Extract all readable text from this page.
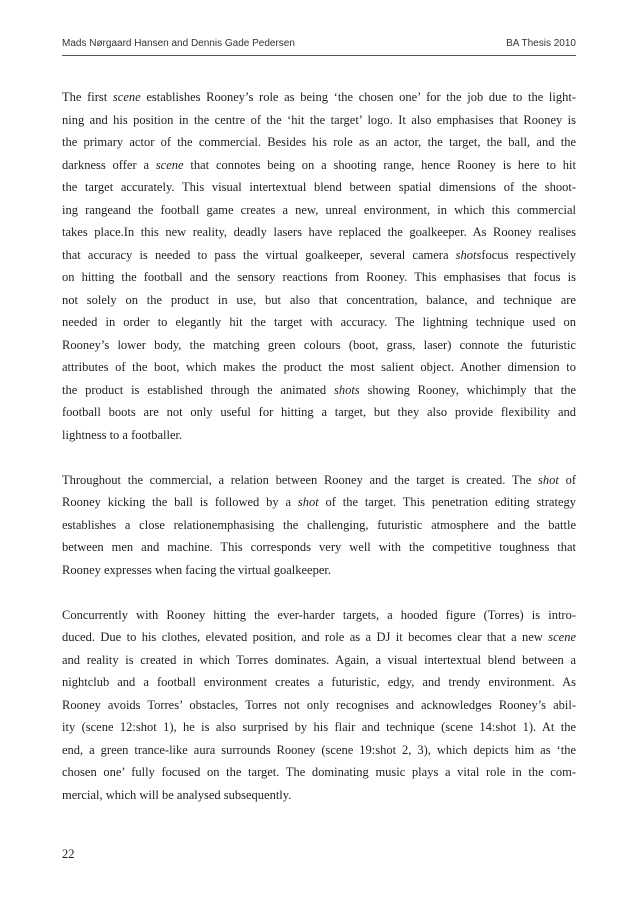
Mads Nørgaard Hansen and Dennis Gade Pedersen	BA Thesis 2010

The first scene establishes Rooney’s role as being ‘the chosen one’ for the job due to the light-
ning and his position in the centre of the ‘hit the target’ logo. It also emphasises that Rooney is
the primary actor of the commercial. Besides his role as an actor, the target, the ball, and the
darkness offer a scene that connotes being on a shooting range, hence Rooney is here to hit
the target accurately. This visual intertextual blend between spatial dimensions of the shoot-
ing rangeand the football game creates a new, unreal environment, in which this commercial
takes place.In this new reality, deadly lasers have replaced the goalkeeper. As Rooney realises
that accuracy is needed to pass the virtual goalkeeper, several camera shotsfocus respectively
on hitting the football and the sensory reactions from Rooney. This emphasises that focus is
not solely on the product in use, but also that concentration, balance, and technique are
needed in order to elegantly hit the target with accuracy. The lightning technique used on
Rooney’s lower body, the matching green colours (boot, grass, laser) connote the futuristic
attributes of the boot, which makes the product the most salient object. Another dimension to
the product is established through the animated shots showing Rooney, whichimply that the
football boots are not only useful for hitting a target, but they also provide flexibility and
lightness to a footballer.

Throughout the commercial, a relation between Rooney and the target is created. The shot of
Rooney kicking the ball is followed by a shot of the target. This penetration editing strategy
establishes a close relationemphasising the challenging, futuristic atmosphere and the battle
between men and machine. This corresponds very well with the competitive toughness that
Rooney expresses when facing the virtual goalkeeper.

Concurrently with Rooney hitting the ever-harder targets, a hooded figure (Torres) is intro-
duced. Due to his clothes, elevated position, and role as a DJ it becomes clear that a new scene
and reality is created in which Torres dominates. Again, a visual intertextual blend between a
nightclub and a football environment creates a futuristic, edgy, and trendy environment. As
Rooney avoids Torres’ obstacles, Torres not only recognises and acknowledges Rooney’s abil-
ity (scene 12:shot 1), he is also surprised by his flair and technique (scene 14:shot 1). At the
end, a green trance-like aura surrounds Rooney (scene 19:shot 2, 3), which depicts him as ‘the
chosen one’ fully focused on the target. The dominating music plays a vital role in the com-
mercial, which will be analysed subsequently.

22
